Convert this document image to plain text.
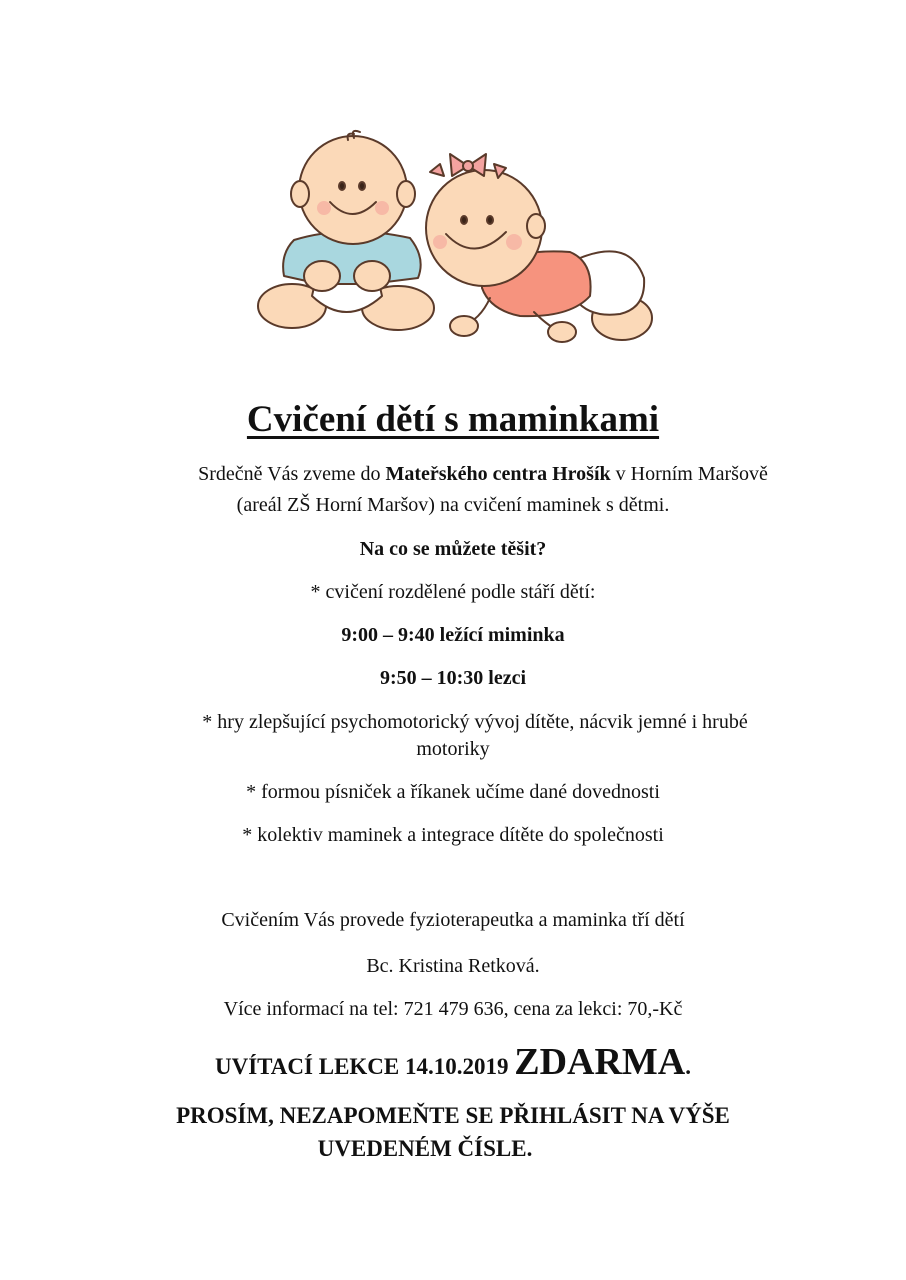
Cvičení dětí s maminkami
Srdečně Vás zveme do Mateřského centra Hrošík v Horním Maršově
(areál ZŠ Horní Maršov) na cvičení maminek s dětmi.
Na co se můžete těšit?
* cvičení rozdělené podle stáří dětí:
9:00 – 9:40 ležící miminka
9:50 – 10:30 lezci
* hry zlepšující psychomotorický vývoj dítěte, nácvik jemné i hrubé
motoriky
* formou písniček a říkanek učíme dané dovednosti
* kolektiv maminek a integrace dítěte do společnosti
Cvičením Vás provede fyzioterapeutka a maminka tří dětí
Bc. Kristina Retková.
Více informací na tel: 721 479 636, cena za lekci: 70,-Kč
UVÍTACÍ LEKCE 14.10.2019 ZDARMA.
PROSÍM, NEZAPOMEŇTE SE PŘIHLÁSIT NA VÝŠE
UVEDENÉM ČÍSLE.
